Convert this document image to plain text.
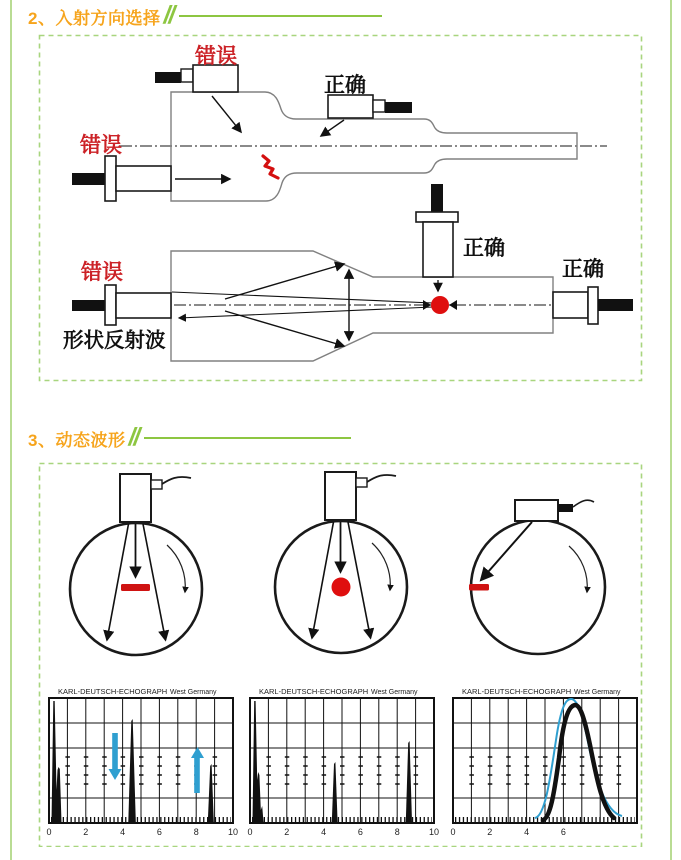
2、入射方向选择 //
错误
正确
错误
错误
形状反射波
正确
正确
3、动态波形 //
KARL-DEUTSCH-ECHOGRAPH West Germany
0	2	4	6	8	10
KARL-DEUTSCH-ECHOGRAPH West Germany
0	2	4	6	8	10
KARL-DEUTSCH-ECHOGRAPH West Germany
0	2	4	6
